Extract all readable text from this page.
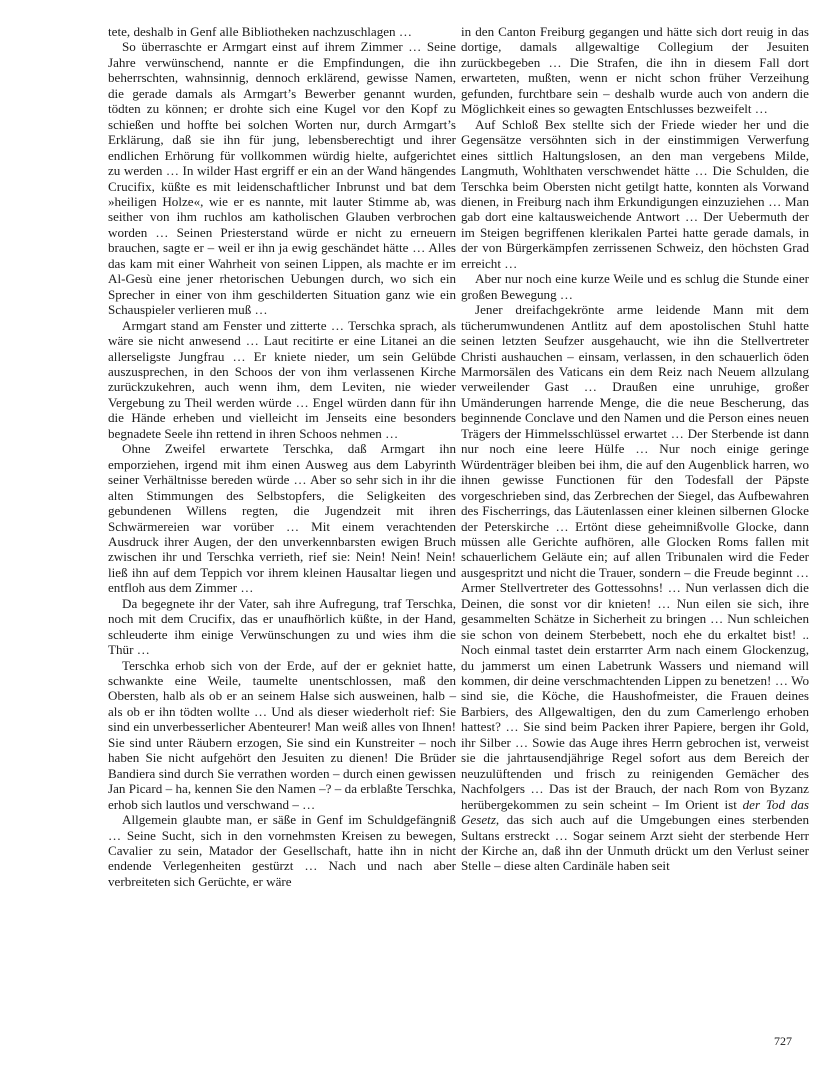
tete, deshalb in Genf alle Bibliotheken nachzuschlagen …

So überraschte er Armgart einst auf ihrem Zimmer … Seine Jahre verwünschend, nannte er die Empfindungen, die ihn beherrschten, wahnsinnig, dennoch erklärend, gewisse Namen, die gerade damals als Armgart’s Bewerber genannt wurden, tödten zu können; er drohte sich eine Kugel vor den Kopf zu schießen und hoffte bei solchen Worten nur, durch Armgart’s Erklärung, daß sie ihn für jung, lebensberechtigt und ihrer endlichen Erhörung für vollkommen würdig hielte, aufgerichtet zu werden … In wilder Hast ergriff er ein an der Wand hängendes Crucifix, küßte es mit leidenschaftlicher Inbrunst und bat dem »heiligen Holze«, wie er es nannte, mit lauter Stimme ab, was seither von ihm ruchlos am katholischen Glauben verbrochen worden … Seinen Priesterstand würde er nicht zu erneuern brauchen, sagte er – weil er ihn ja ewig geschändet hätte … Alles das kam mit einer Wahrheit von seinen Lippen, als machte er im Al-Gesù eine jener rhetorischen Uebungen durch, wo sich ein Sprecher in einer von ihm geschilderten Situation ganz wie ein Schauspieler verlieren muß …

Armgart stand am Fenster und zitterte … Terschka sprach, als wäre sie nicht anwesend … Laut recitirte er eine Litanei an die allerseligste Jungfrau … Er kniete nieder, um sein Gelübde auszusprechen, in den Schoos der von ihm verlassenen Kirche zurückzukehren, auch wenn ihm, dem Leviten, nie wieder Vergebung zu Theil werden würde … Engel würden dann für ihn die Hände erheben und vielleicht im Jenseits eine besonders begnadete Seele ihn rettend in ihren Schoos nehmen …

Ohne Zweifel erwartete Terschka, daß Armgart ihn emporziehen, irgend mit ihm einen Ausweg aus dem Labyrinth seiner Verhältnisse bereden würde … Aber so sehr sich in ihr die alten Stimmungen des Selbstopfers, die Seligkeiten des gebundenen Willens regten, die Jugendzeit mit ihren Schwärmereien war vorüber … Mit einem verachtenden Ausdruck ihrer Augen, der den unverkennbarsten ewigen Bruch zwischen ihr und Terschka verrieth, rief sie: Nein! Nein! Nein! ließ ihn auf dem Teppich vor ihrem kleinen Hausaltar liegen und entfloh aus dem Zimmer …

Da begegnete ihr der Vater, sah ihre Aufregung, traf Terschka, noch mit dem Crucifix, das er unaufhörlich küßte, in der Hand, schleuderte ihm einige Verwünschungen zu und wies ihm die Thür …

Terschka erhob sich von der Erde, auf der er gekniet hatte, schwankte eine Weile, taumelte unentschlossen, maß den Obersten, halb als ob er an seinem Halse sich ausweinen, halb – als ob er ihn tödten wollte … Und als dieser wiederholt rief: Sie sind ein unverbesserlicher Abenteurer! Man weiß alles von Ihnen! Sie sind unter Räubern erzogen, Sie sind ein Kunstreiter – noch haben Sie nicht aufgehört den Jesuiten zu dienen! Die Brüder Bandiera sind durch Sie verrathen worden – durch einen gewissen Jan Picard – ha, kennen Sie den Namen –? – da erblaßte Terschka, erhob sich lautlos und verschwand – …

Allgemein glaubte man, er säße in Genf im Schuldgefängniß … Seine Sucht, sich in den vornehmsten Kreisen zu bewegen, Cavalier zu sein, Matador der Gesellschaft, hatte ihn in nicht endende Verlegenheiten gestürzt … Nach und nach aber verbreiteten sich Gerüchte, er wäre

in den Canton Freiburg gegangen und hätte sich dort reuig in das dortige, damals allgewaltige Collegium der Jesuiten zurückbegeben … Die Strafen, die ihn in diesem Fall dort erwarteten, mußten, wenn er nicht schon früher Verzeihung gefunden, furchtbare sein – deshalb wurde auch von andern die Möglichkeit eines so gewagten Entschlusses bezweifelt …

Auf Schloß Bex stellte sich der Friede wieder her und die Gegensätze versöhnten sich in der einstimmigen Verwerfung eines sittlich Haltungslosen, an den man vergebens Milde, Langmuth, Wohlthaten verschwendet hätte … Die Schulden, die Terschka beim Obersten nicht getilgt hatte, konnten als Vorwand dienen, in Freiburg nach ihm Erkundigungen einzuziehen … Man gab dort eine kaltausweichende Antwort … Der Uebermuth der im Steigen begriffenen klerikalen Partei hatte gerade damals, in der von Bürgerkämpfen zerrissenen Schweiz, den höchsten Grad erreicht …

Aber nur noch eine kurze Weile und es schlug die Stunde einer großen Bewegung …

Jener dreifachgekrönte arme leidende Mann mit dem tücherumwundenen Antlitz auf dem apostolischen Stuhl hatte seinen letzten Seufzer ausgehaucht, wie ihn die Stellvertreter Christi aushauchen – einsam, verlassen, in den schauerlich öden Marmorsälen des Vaticans ein dem Reiz nach Neuem allzulang verweilender Gast … Draußen eine unruhige, großer Umänderungen harrende Menge, die die neue Bescherung, das beginnende Conclave und den Namen und die Person eines neuen Trägers der Himmelsschlüssel erwartet … Der Sterbende ist dann nur noch eine leere Hülfe … Nur noch einige geringe Würdenträger bleiben bei ihm, die auf den Augenblick harren, wo ihnen gewisse Functionen für den Todesfall der Päpste vorgeschrieben sind, das Zerbrechen der Siegel, das Aufbewahren des Fischerrings, das Läutenlassen einer kleinen silbernen Glocke der Peterskirche … Ertönt diese geheimnißvolle Glocke, dann müssen alle Gerichte aufhören, alle Glocken Roms fallen mit schauerlichem Geläute ein; auf allen Tribunalen wird die Feder ausgespritzt und nicht die Trauer, sondern – die Freude beginnt … Armer Stellvertreter des Gottessohns! … Nun verlassen dich die Deinen, die sonst vor dir knieten! … Nun eilen sie sich, ihre gesammelten Schätze in Sicherheit zu bringen … Nun schleichen sie schon von deinem Sterbebett, noch ehe du erkaltet bist! .. Noch einmal tastet dein erstarrter Arm nach einem Glockenzug, du jammerst um einen Labetrunk Wassers und niemand will kommen, dir deine verschmachtenden Lippen zu benetzen! … Wo sind sie, die Köche, die Haushofmeister, die Frauen deines Barbiers, des Allgewaltigen, den du zum Camerlengo erhoben hattest? … Sie sind beim Packen ihrer Papiere, bergen ihr Gold, ihr Silber … Sowie das Auge ihres Herrn gebrochen ist, verweist sie die jahrtausendjährige Regel sofort aus dem Bereich der neuzulüftenden und frisch zu reinigenden Gemächer des Nachfolgers … Das ist der Brauch, der nach Rom von Byzanz herübergekommen zu sein scheint – Im Orient ist der Tod das Gesetz, das sich auch auf die Umgebungen eines sterbenden Sultans erstreckt … Sogar seinem Arzt sieht der sterbende Herr der Kirche an, daß ihn der Unmuth drückt um den Verlust seiner Stelle – diese alten Cardinäle haben seit

727
